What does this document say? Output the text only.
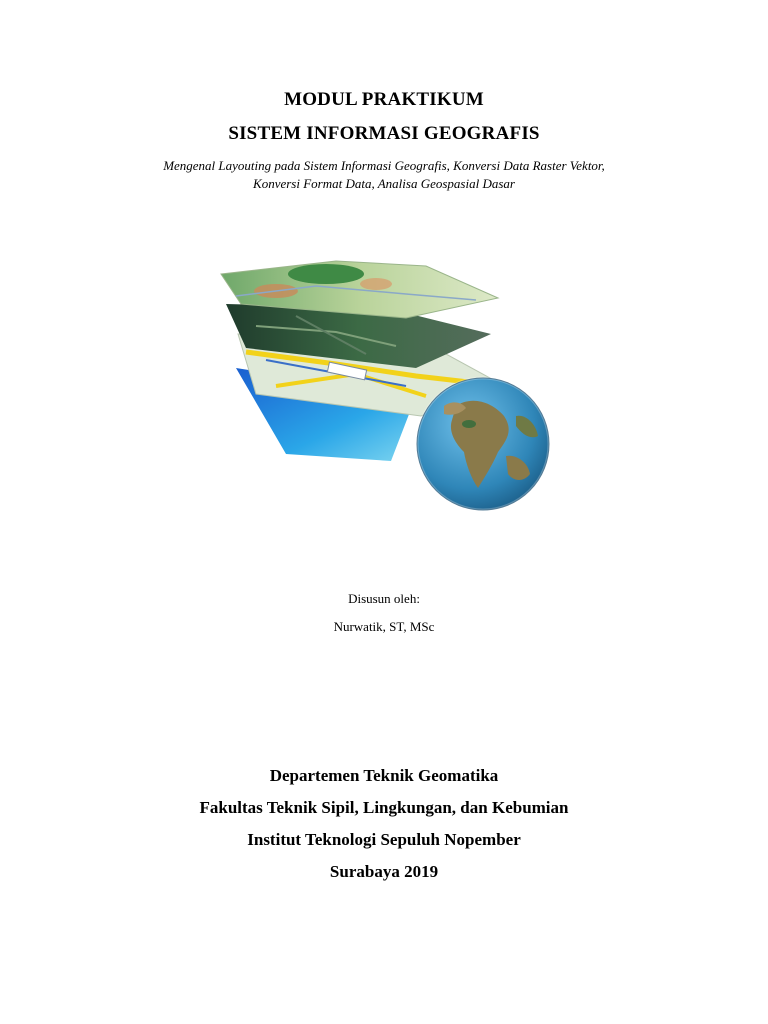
MODUL PRAKTIKUM
SISTEM INFORMASI GEOGRAFIS
Mengenal Layouting pada Sistem Informasi Geografis, Konversi Data Raster Vektor,
Konversi Format Data, Analisa Geospasial Dasar
Disusun oleh:
Nurwatik, ST, MSc
Departemen Teknik Geomatika
Fakultas Teknik Sipil, Lingkungan, dan Kebumian
Institut Teknologi Sepuluh Nopember
Surabaya 2019
